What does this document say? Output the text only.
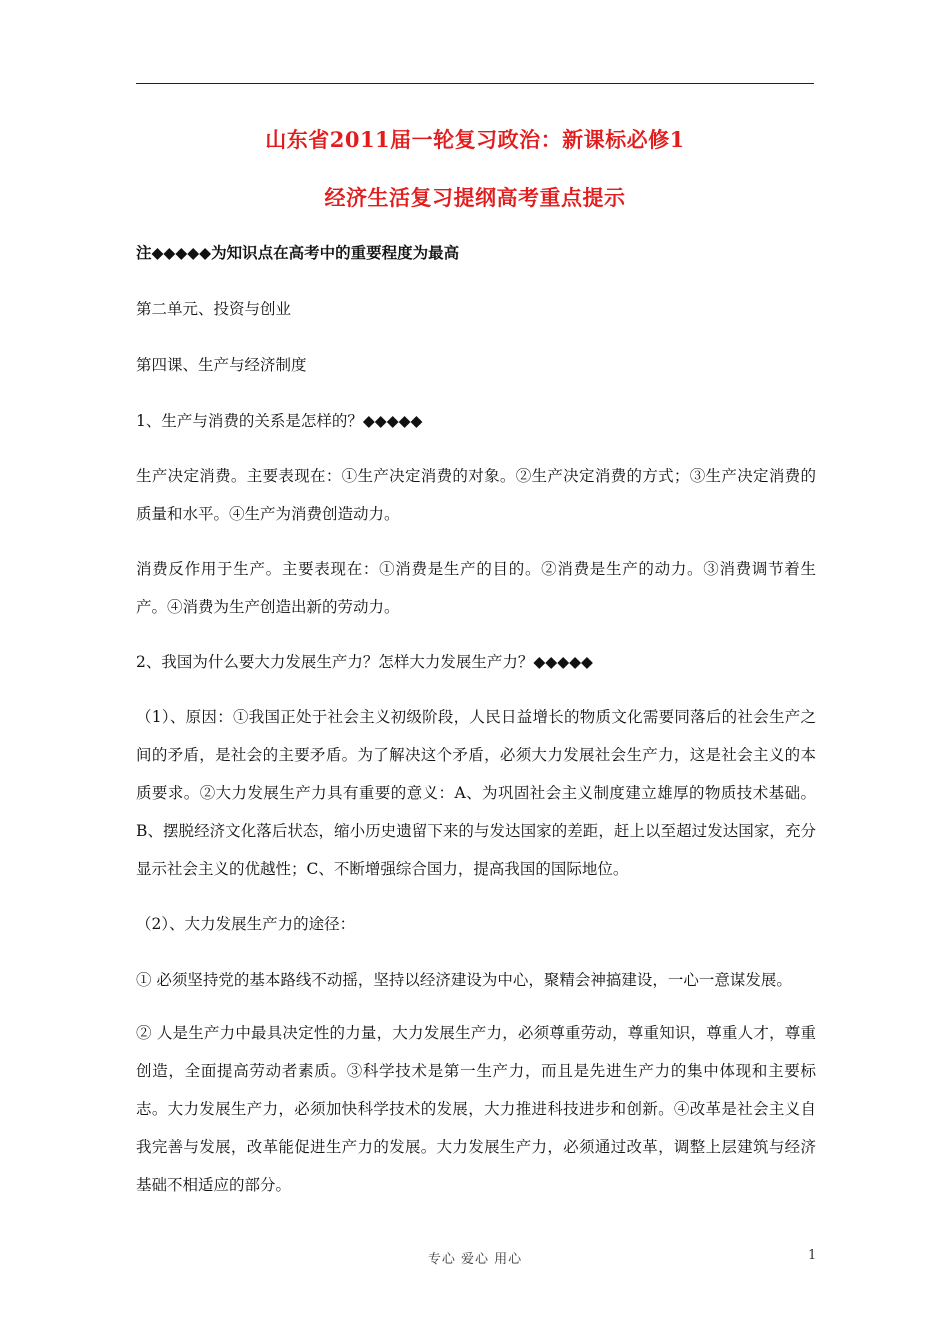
山东省2011届一轮复习政治：新课标必修1
经济生活复习提纲高考重点提示
注◆◆◆◆◆为知识点在高考中的重要程度为最高
第二单元、投资与创业
第四课、生产与经济制度
1、生产与消费的关系是怎样的？◆◆◆◆◆
生产决定消费。主要表现在：①生产决定消费的对象。②生产决定消费的方式；③生产决定消费的质量和水平。④生产为消费创造动力。
消费反作用于生产。主要表现在：①消费是生产的目的。②消费是生产的动力。③消费调节着生产。④消费为生产创造出新的劳动力。
2、我国为什么要大力发展生产力？怎样大力发展生产力？◆◆◆◆◆
（1）、原因：①我国正处于社会主义初级阶段，人民日益增长的物质文化需要同落后的社会生产之间的矛盾，是社会的主要矛盾。为了解决这个矛盾，必须大力发展社会生产力，这是社会主义的本质要求。②大力发展生产力具有重要的意义：A、为巩固社会主义制度建立雄厚的物质技术基础。B、摆脱经济文化落后状态，缩小历史遗留下来的与发达国家的差距，赶上以至超过发达国家，充分显示社会主义的优越性；C、不断增强综合国力，提高我国的国际地位。
（2）、大力发展生产力的途径：
① 必须坚持党的基本路线不动摇，坚持以经济建设为中心，聚精会神搞建设，一心一意谋发展。
② 人是生产力中最具决定性的力量，大力发展生产力，必须尊重劳动，尊重知识，尊重人才，尊重创造，全面提高劳动者素质。③科学技术是第一生产力，而且是先进生产力的集中体现和主要标志。大力发展生产力，必须加快科学技术的发展，大力推进科技进步和创新。④改革是社会主义自我完善与发展，改革能促进生产力的发展。大力发展生产力，必须通过改革，调整上层建筑与经济基础不相适应的部分。
专心 爱心 用心	1
